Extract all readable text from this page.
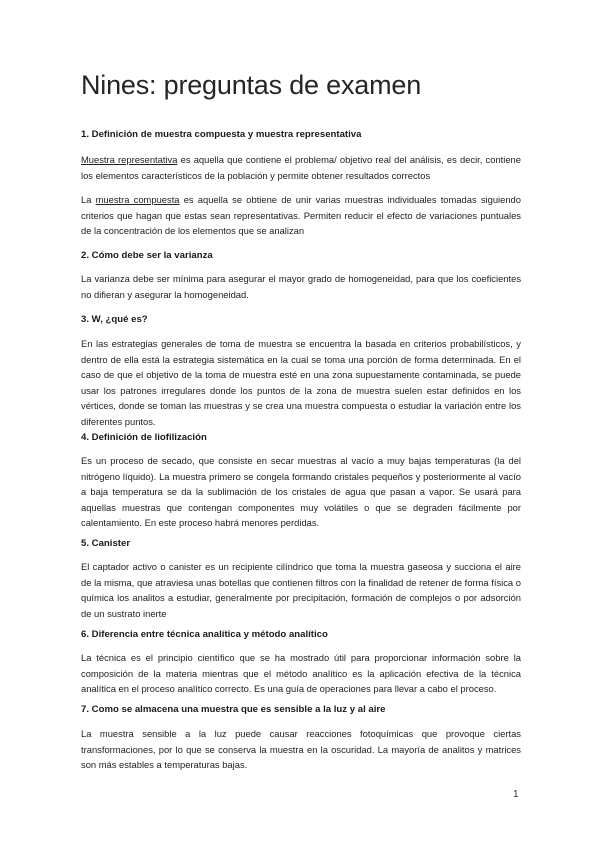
Nines: preguntas de examen
1. Definición de muestra compuesta y muestra representativa

Muestra representativa es aquella que contiene el problema/ objetivo real del análisis, es decir, contiene los elementos característicos de la población y permite obtener resultados correctos

La muestra compuesta es aquella se obtiene de unir varias muestras individuales tomadas siguiendo criterios que hagan que estas sean representativas. Permiten reducir el efecto de variaciones puntuales de la concentración de los elementos que se analizan

2. Cómo debe ser la varianza

La varianza debe ser mínima para asegurar el mayor grado de homogeneidad, para que los coeficientes no difieran y asegurar la homogeneidad.

3. W, ¿qué es?

En las estrategias generales de toma de muestra se encuentra la basada en criterios probabilísticos, y dentro de ella está la estrategia sistemática en la cual se toma una porción de forma determinada. En el caso de que el objetivo de la toma de muestra esté en una zona supuestamente contaminada, se puede usar los patrones irregulares donde los puntos de la zona de muestra suelen estar definidos en los vértices, donde se toman las muestras y se crea una muestra compuesta o estudiar la variación entre los diferentes puntos.

4. Definición de liofilización

Es un proceso de secado, que consiste en secar muestras al vacío a muy bajas temperaturas (la del nitrógeno líquido). La muestra primero se congela formando cristales pequeños y posteriormente al vacío a baja temperatura se da la sublimación de los cristales de agua que pasan a vapor. Se usará para aquellas muestras que contengan componentes muy volátiles o que se degraden fácilmente por calentamiento. En este proceso habrá menores perdidas.

5. Canister

El captador activo o canister es un recipiente cilíndrico que toma la muestra gaseosa y succiona el aire de la misma, que atraviesa unas botellas que contienen filtros con la finalidad de retener de forma física o química los analitos a estudiar, generalmente por precipitación, formación de complejos o por adsorción de un sustrato inerte

6. Diferencia entre técnica analítica y método analítico

La técnica es el principio científico que se ha mostrado útil para proporcionar información sobre la composición de la materia mientras que el método analítico es la aplicación efectiva de la técnica analítica en el proceso analítico correcto. Es una guía de operaciones para llevar a cabo el proceso.

7. Como se almacena una muestra que es sensible a la luz y al aire

La muestra sensible a la luz puede causar reacciones fotoquímicas que provoque ciertas transformaciones, por lo que se conserva la muestra en la oscuridad. La mayoría de analitos y matrices son más estables a temperaturas bajas.

1
